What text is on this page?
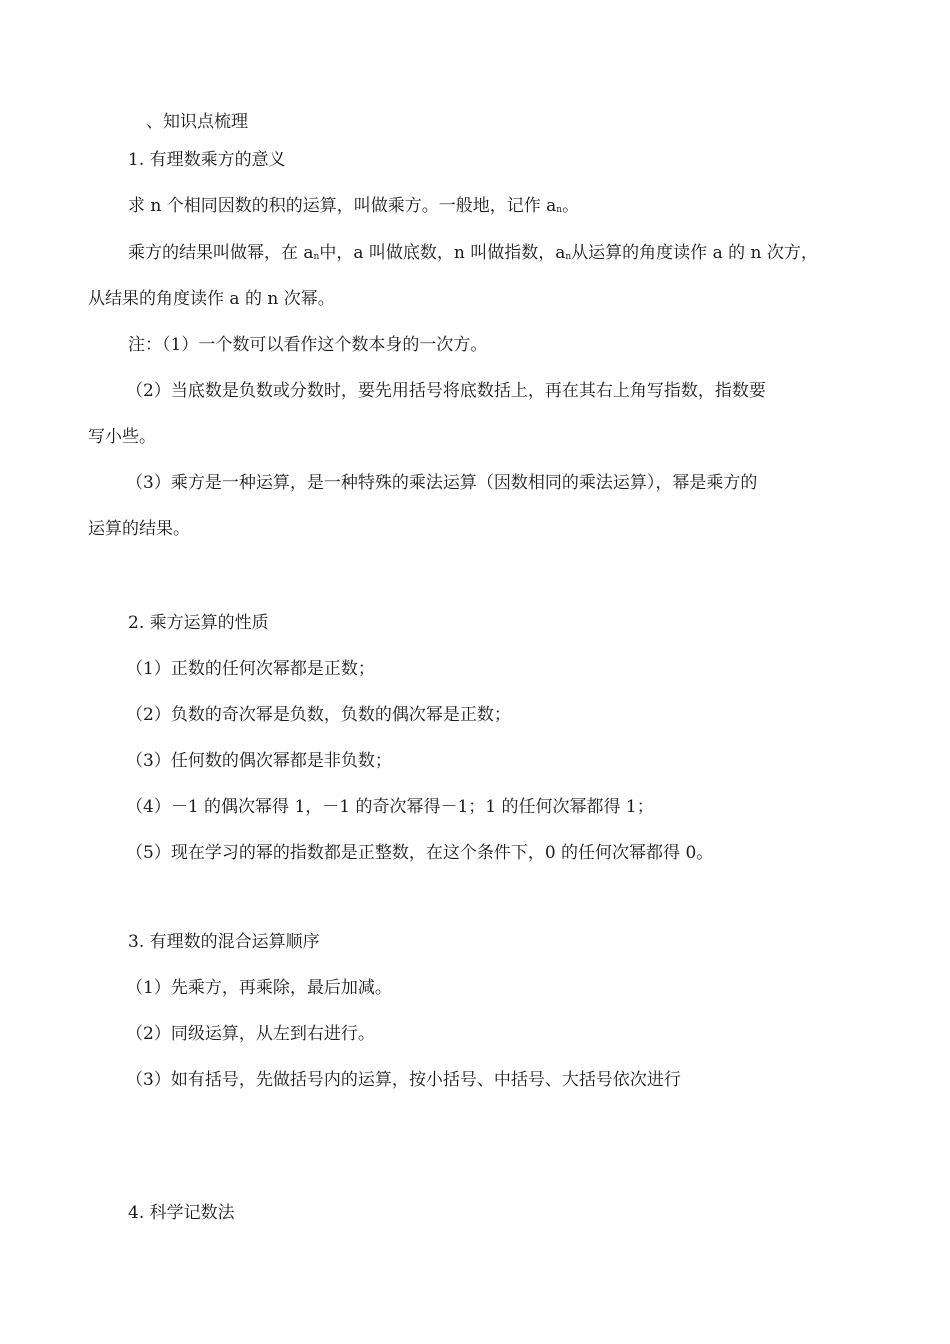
、知识点梳理
1. 有理数乘方的意义
求 n 个相同因数的积的运算，叫做乘方。一般地，记作 an。
乘方的结果叫做幂，在 an中，a 叫做底数，n 叫做指数，an从运算的角度读作 a 的 n 次方，
从结果的角度读作 a 的 n 次幂。
注：（1）一个数可以看作这个数本身的一次方。
（2）当底数是负数或分数时，要先用括号将底数括上，再在其右上角写指数，指数要
写小些。
（3）乘方是一种运算，是一种特殊的乘法运算（因数相同的乘法运算），幂是乘方的
运算的结果。
2. 乘方运算的性质
（1）正数的任何次幂都是正数；
（2）负数的奇次幂是负数，负数的偶次幂是正数；
（3）任何数的偶次幂都是非负数；
（4）－1 的偶次幂得 1，－1 的奇次幂得－1；1 的任何次幂都得 1；
（5）现在学习的幂的指数都是正整数，在这个条件下，0 的任何次幂都得 0。
3. 有理数的混合运算顺序
（1）先乘方，再乘除，最后加减。
（2）同级运算，从左到右进行。
（3）如有括号，先做括号内的运算，按小括号、中括号、大括号依次进行
4. 科学记数法
